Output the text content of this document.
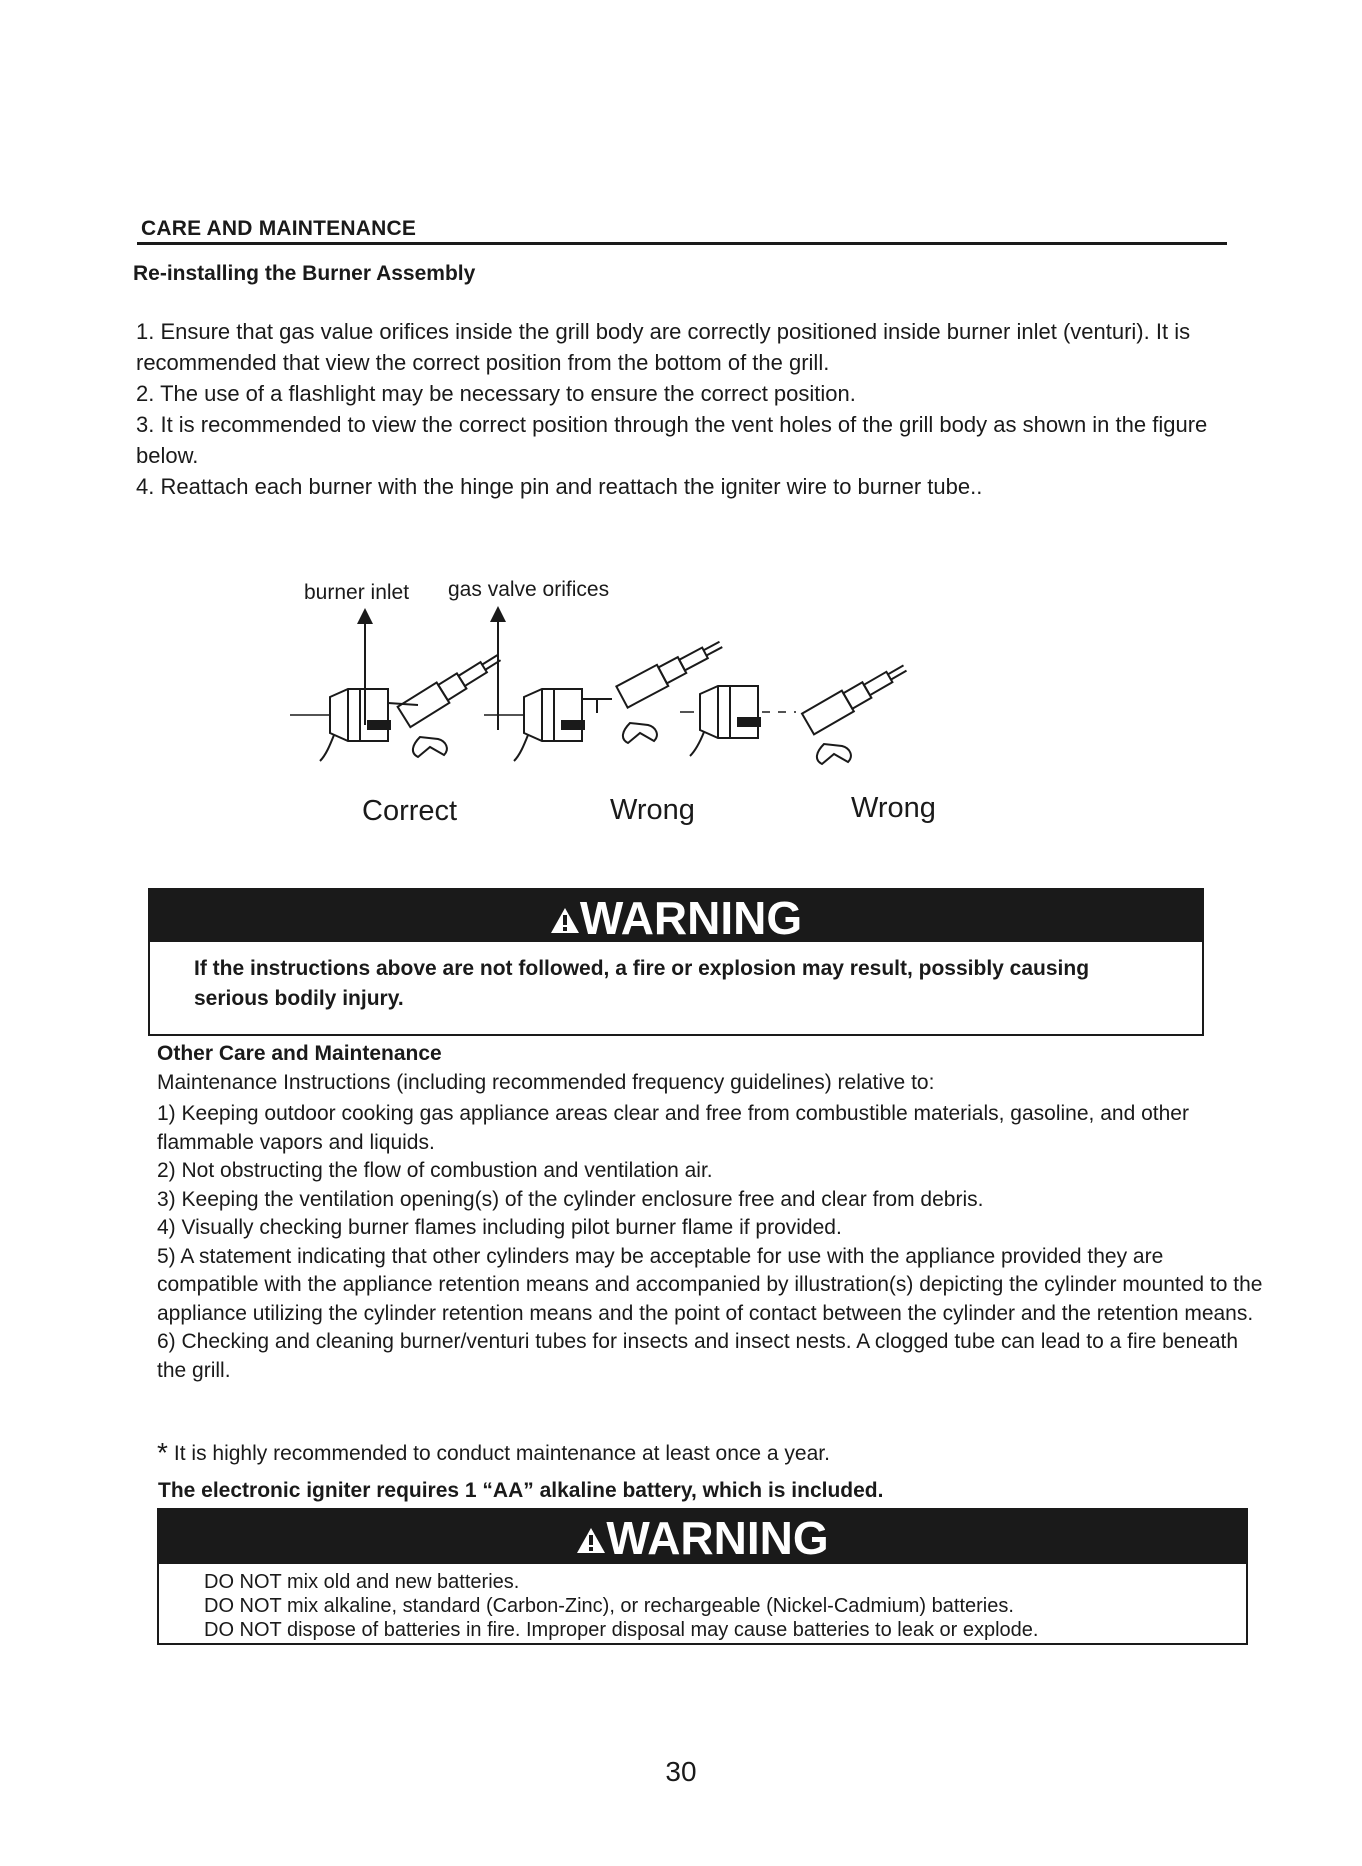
CARE AND MAINTENANCE
Re-installing the Burner Assembly

1. Ensure that gas value orifices inside the grill body are correctly positioned inside burner inlet (venturi). It is recommended that view the correct position from the bottom of the grill.

2. The use of a flashlight may be necessary to ensure the correct position.

3. It is recommended to view the correct position through the vent holes of the grill body as shown in the figure below.

4. Reattach each burner with the hinge pin and reattach the igniter wire to burner tube..

burner inlet gas valve orifices
Correct	Wrong	Wrong
WARNING
If the instructions above are not followed, a fire or explosion may result, possibly causing serious bodily injury.

Other Care and Maintenance

Maintenance Instructions (including recommended frequency guidelines) relative to:

1) Keeping outdoor cooking gas appliance areas clear and free from combustible materials, gasoline, and other flammable vapors and liquids.

2) Not obstructing the flow of combustion and ventilation air.

3) Keeping the ventilation opening(s) of the cylinder enclosure free and clear from debris.

4) Visually checking burner flames including pilot burner flame if provided.

5) A statement indicating that other cylinders may be acceptable for use with the appliance provided they are compatible with the appliance retention means and accompanied by illustration(s) depicting the cylinder mounted to the appliance utilizing the cylinder retention means and the point of contact between the cylinder and the retention means.

6) Checking and cleaning burner/venturi tubes for insects and insect nests. A clogged tube can lead to a fire beneath the grill.

* It is highly recommended to conduct maintenance at least once a year.
The electronic igniter requires 1 “AA” alkaline battery, which is included.
WARNING

DO NOT mix old and new batteries.

DO NOT mix alkaline, standard (Carbon-Zinc), or rechargeable (Nickel-Cadmium) batteries.

DO NOT dispose of batteries in fire. Improper disposal may cause batteries to leak or explode.

30
